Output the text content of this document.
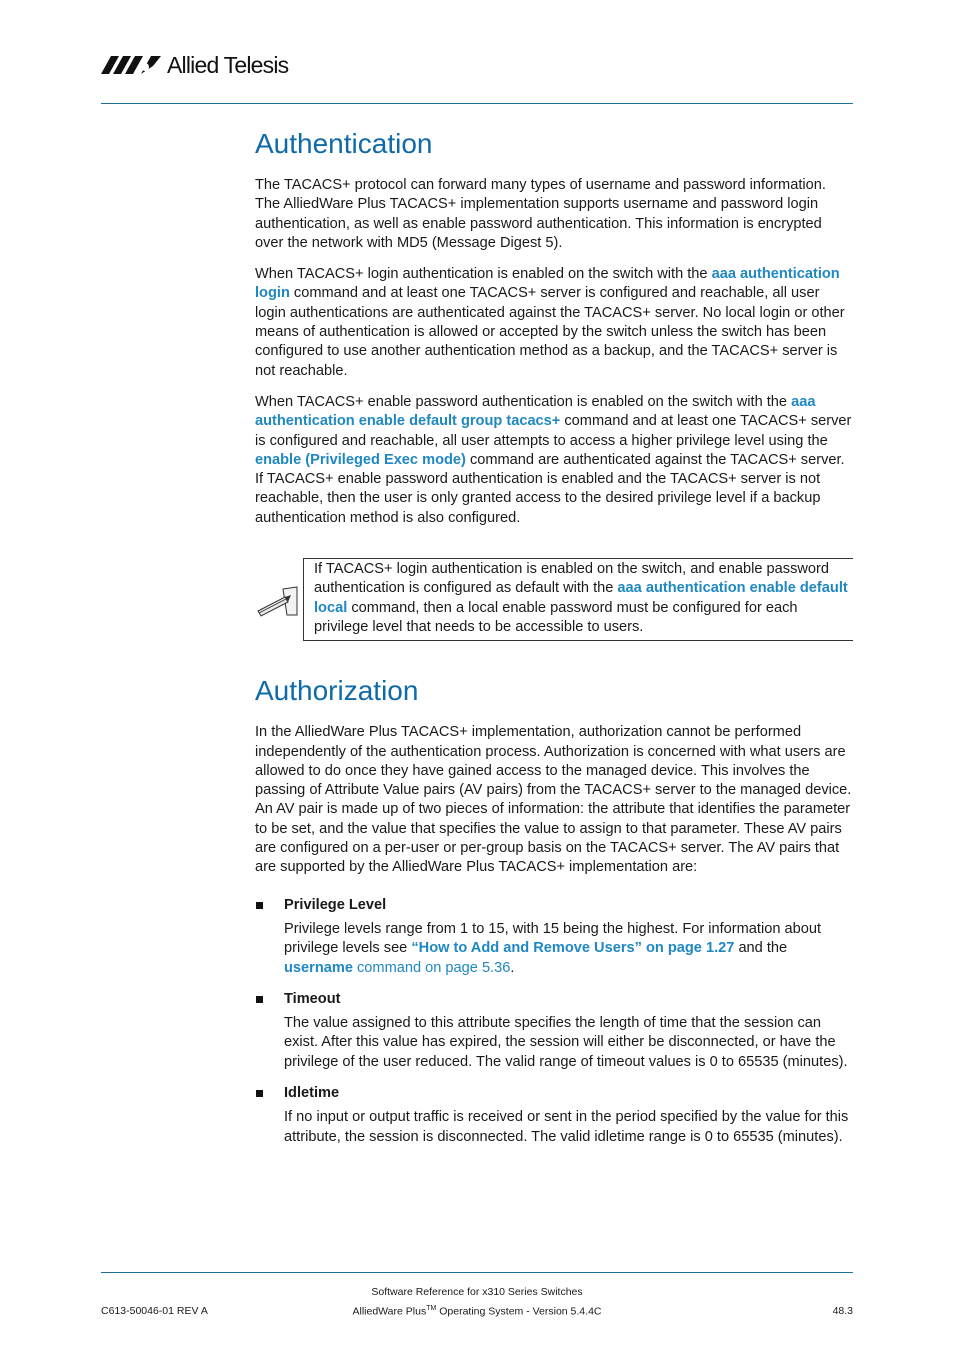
Allied Telesis
Authentication

The TACACS+ protocol can forward many types of username and password information. The AlliedWare Plus TACACS+ implementation supports username and password login authentication, as well as enable password authentication. This information is encrypted over the network with MD5 (Message Digest 5).

When TACACS+ login authentication is enabled on the switch with the aaa authentication login command and at least one TACACS+ server is configured and reachable, all user login authentications are authenticated against the TACACS+ server. No local login or other means of authentication is allowed or accepted by the switch unless the switch has been configured to use another authentication method as a backup, and the TACACS+ server is not reachable.

When TACACS+ enable password authentication is enabled on the switch with the aaa authentication enable default group tacacs+ command and at least one TACACS+ server is configured and reachable, all user attempts to access a higher privilege level using the enable (Privileged Exec mode) command are authenticated against the TACACS+ server. If TACACS+ enable password authentication is enabled and the TACACS+ server is not reachable, then the user is only granted access to the desired privilege level if a backup authentication method is also configured.

If TACACS+ login authentication is enabled on the switch, and enable password authentication is configured as default with the aaa authentication enable default local command, then a local enable password must be configured for each privilege level that needs to be accessible to users.

Authorization

In the AlliedWare Plus TACACS+ implementation, authorization cannot be performed independently of the authentication process. Authorization is concerned with what users are allowed to do once they have gained access to the managed device. This involves the passing of Attribute Value pairs (AV pairs) from the TACACS+ server to the managed device. An AV pair is made up of two pieces of information: the attribute that identifies the parameter to be set, and the value that specifies the value to assign to that parameter. These AV pairs are configured on a per-user or per-group basis on the TACACS+ server. The AV pairs that are supported by the AlliedWare Plus TACACS+ implementation are:

Privilege Level

Privilege levels range from 1 to 15, with 15 being the highest. For information about privilege levels see “How to Add and Remove Users” on page 1.27 and the username command on page 5.36.

Timeout

The value assigned to this attribute specifies the length of time that the session can exist. After this value has expired, the session will either be disconnected, or have the privilege of the user reduced. The valid range of timeout values is 0 to 65535 (minutes).

Idletime

If no input or output traffic is received or sent in the period specified by the value for this attribute, the session is disconnected. The valid idletime range is 0 to 65535 (minutes).

Software Reference for x310 Series Switches
C613-50046-01 REV A	AlliedWare Plus™ Operating System - Version 5.4.4C	48.3
